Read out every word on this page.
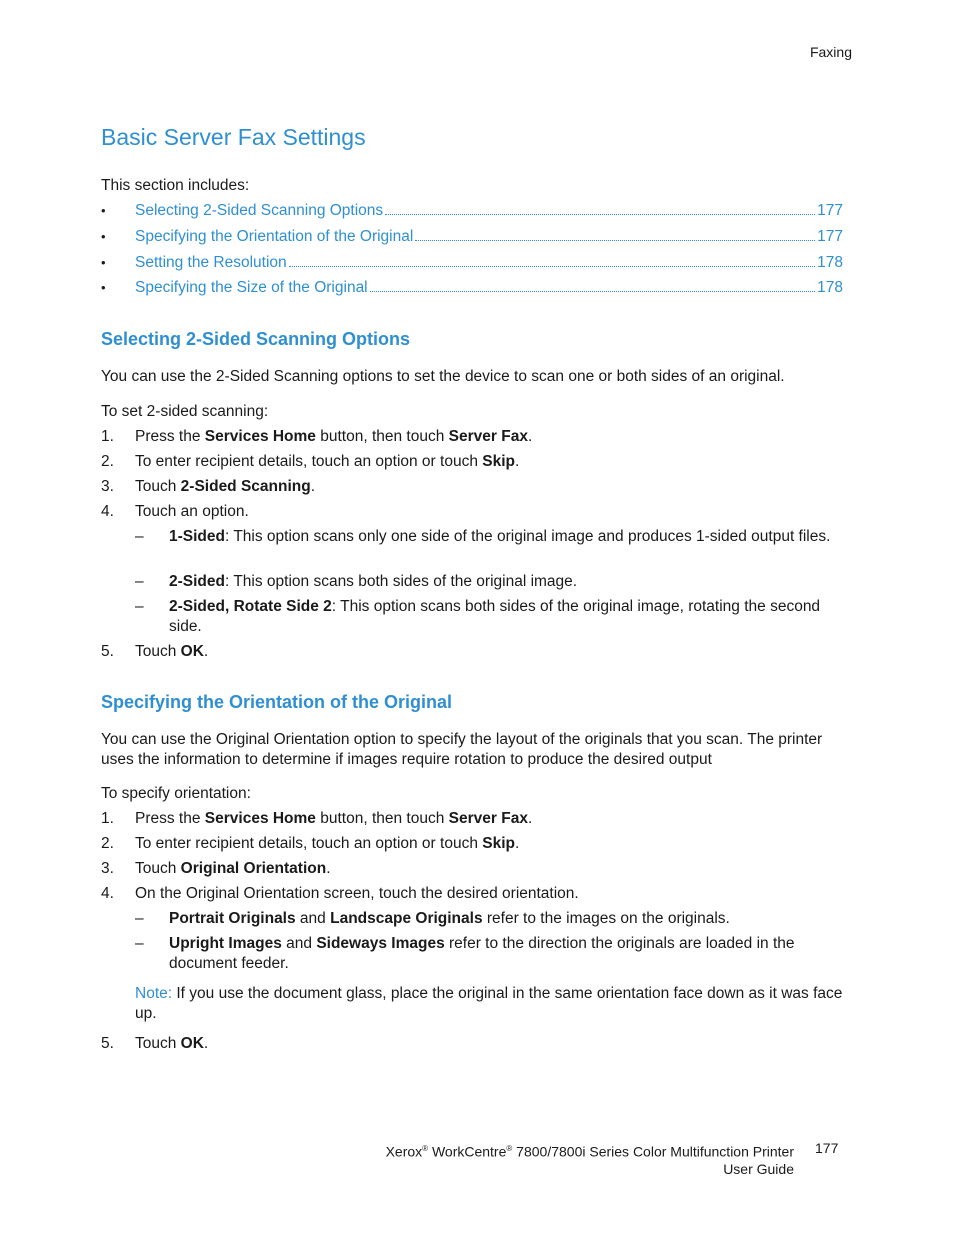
Faxing
Basic Server Fax Settings
This section includes:
•	Selecting 2-Sided Scanning Options	177
•	Specifying the Orientation of the Original	177
•	Setting the Resolution	178
•	Specifying the Size of the Original	178
Selecting 2-Sided Scanning Options
You can use the 2-Sided Scanning options to set the device to scan one or both sides of an original.
To set 2-sided scanning:
1. Press the Services Home button, then touch Server Fax.
2. To enter recipient details, touch an option or touch Skip.
3. Touch 2-Sided Scanning.
4. Touch an option.
– 1-Sided: This option scans only one side of the original image and produces 1-sided output files.
– 2-Sided: This option scans both sides of the original image.
– 2-Sided, Rotate Side 2: This option scans both sides of the original image, rotating the second side.
5. Touch OK.
Specifying the Orientation of the Original
You can use the Original Orientation option to specify the layout of the originals that you scan. The printer uses the information to determine if images require rotation to produce the desired output
To specify orientation:
1. Press the Services Home button, then touch Server Fax.
2. To enter recipient details, touch an option or touch Skip.
3. Touch Original Orientation.
4. On the Original Orientation screen, touch the desired orientation.
– Portrait Originals and Landscape Originals refer to the images on the originals.
– Upright Images and Sideways Images refer to the direction the originals are loaded in the document feeder.
Note: If you use the document glass, place the original in the same orientation face down as it was face up.
5. Touch OK.
Xerox® WorkCentre® 7800/7800i Series Color Multifunction Printer
User Guide
177
